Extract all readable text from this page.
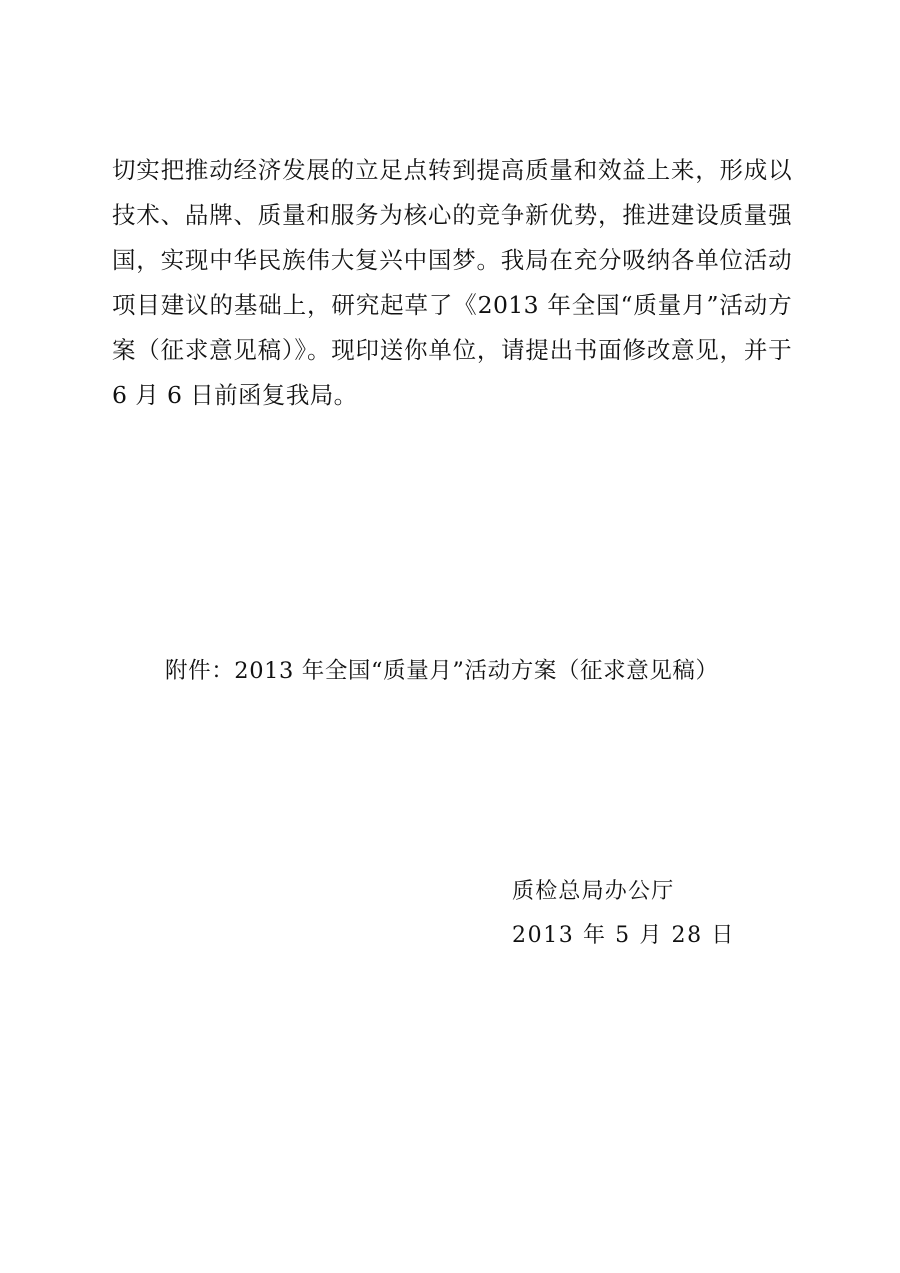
切实把推动经济发展的立足点转到提高质量和效益上来，形成以技术、品牌、质量和服务为核心的竞争新优势，推进建设质量强国，实现中华民族伟大复兴中国梦。我局在充分吸纳各单位活动项目建议的基础上，研究起草了《2013 年全国“质量月”活动方案（征求意见稿）》。现印送你单位，请提出书面修改意见，并于 6 月 6 日前函复我局。

附件：2013 年全国“质量月”活动方案（征求意见稿）
质检总局办公厅
2013 年 5 月 28 日
